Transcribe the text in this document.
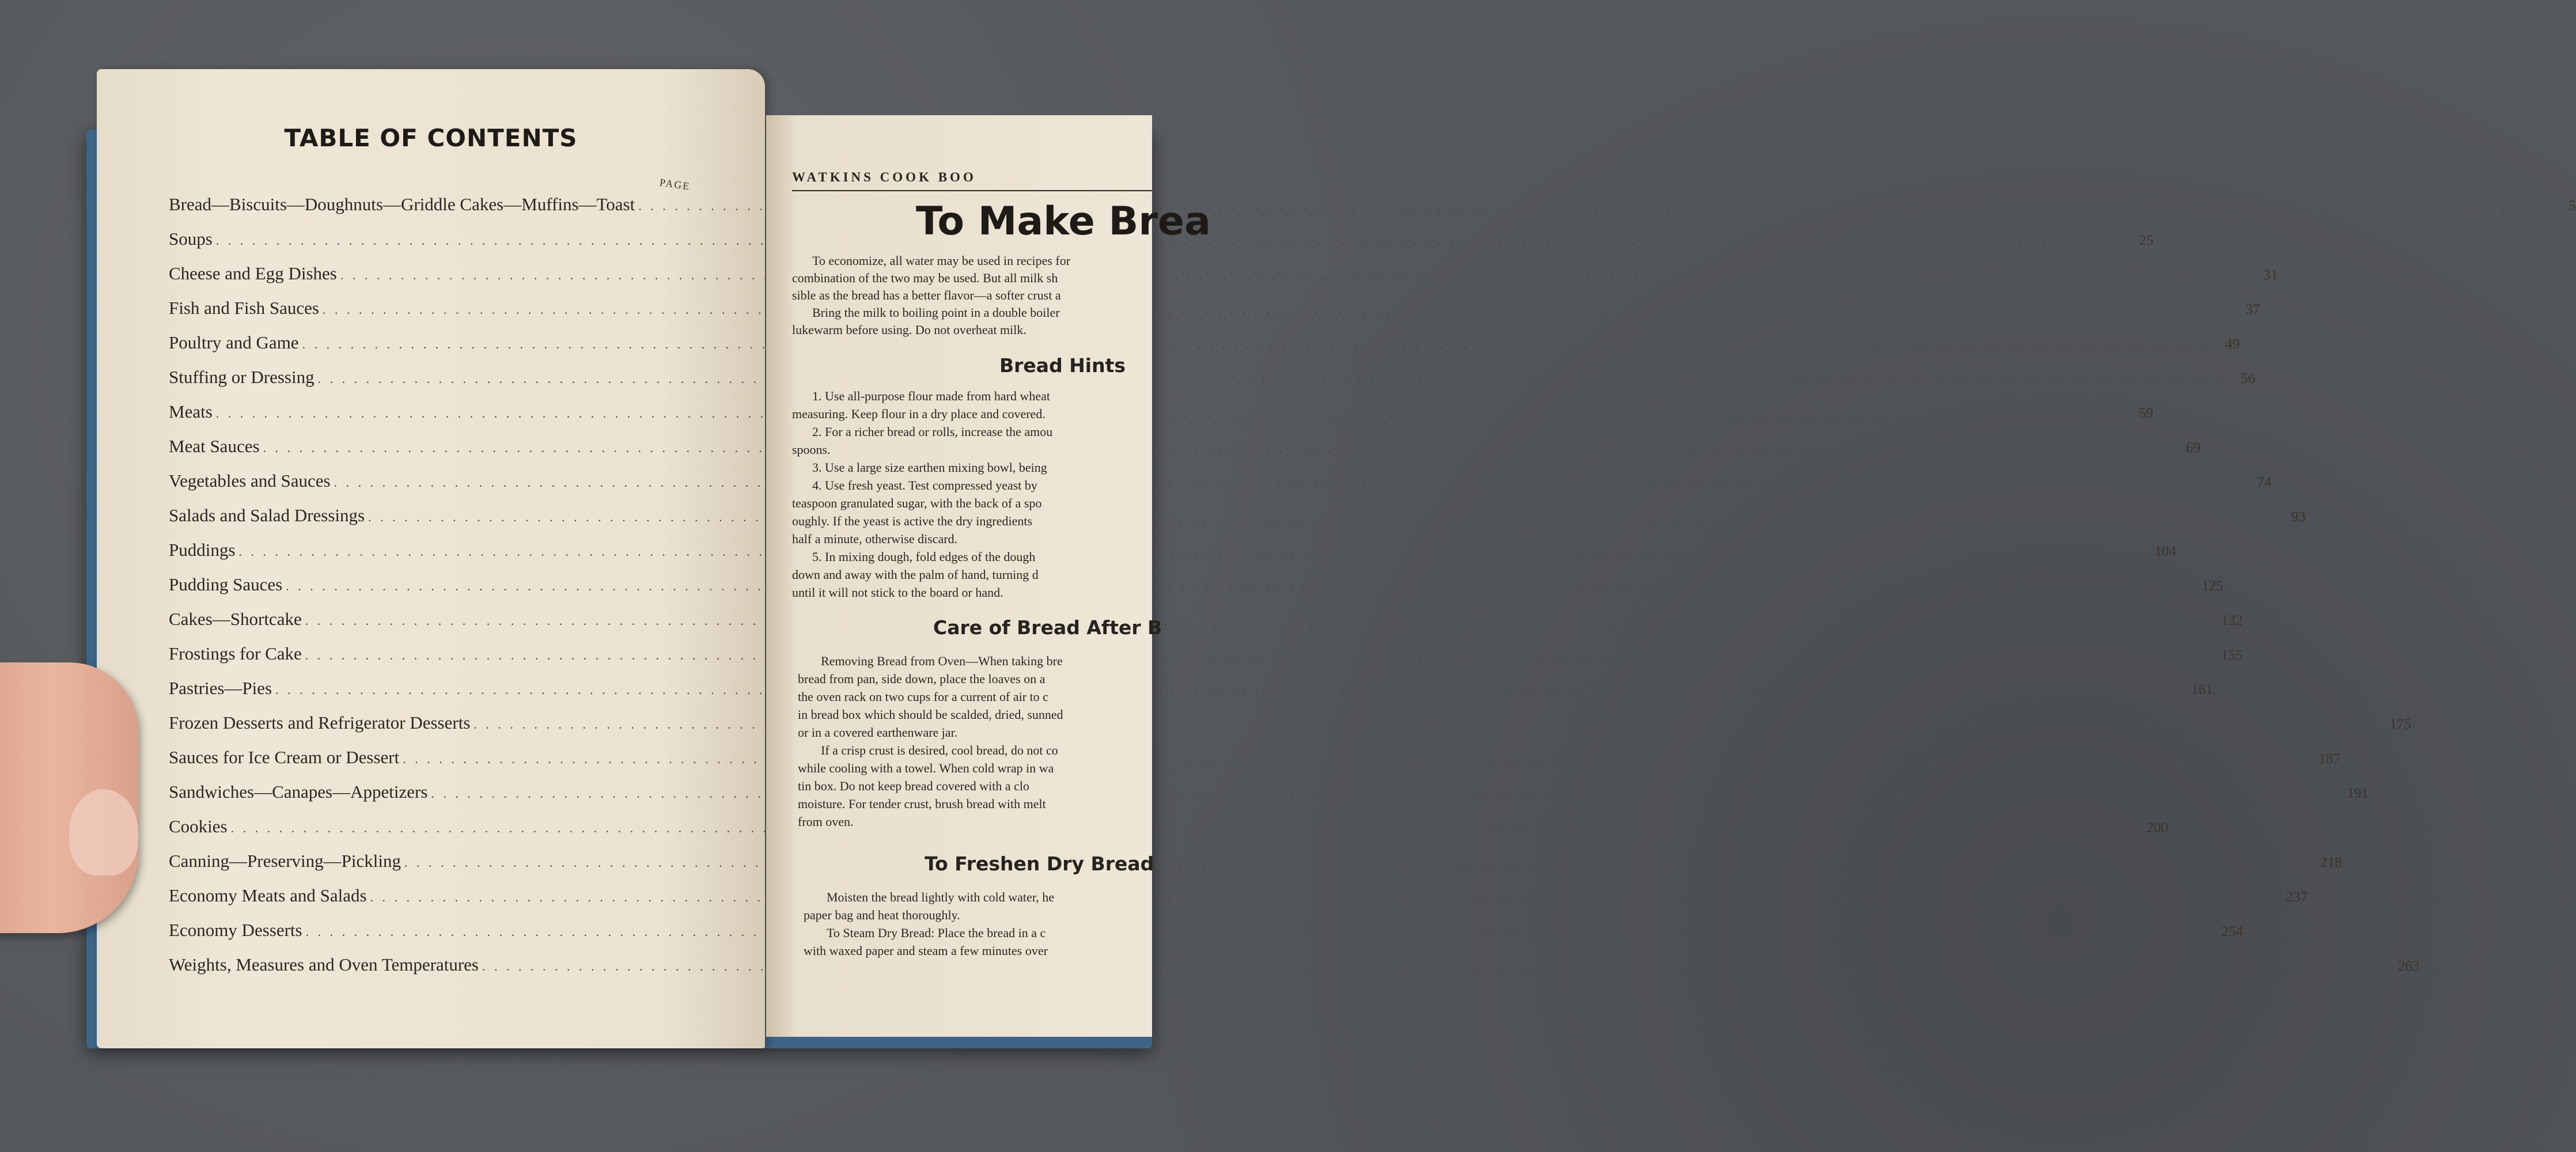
TABLE OF CONTENTS
PAGE
Bread—Biscuits—Doughnuts—Griddle Cakes—Muffins—Toast . . .	5
Soups . . .	25
Cheese and Egg Dishes . . .	31
Fish and Fish Sauces . . .	37
Poultry and Game . . .	49
Stuffing or Dressing . . .	56
Meats . . .	59
Meat Sauces . . .	69
Vegetables and Sauces . . .	74
Salads and Salad Dressings . . .	93
Puddings . . .	104
Pudding Sauces . . .	125
Cakes—Shortcake . . .	132
Frostings for Cake . . .	155
Pastries—Pies . . .	161
Frozen Desserts and Refrigerator Desserts . . .	175
Sauces for Ice Cream or Dessert . . .	187
Sandwiches—Canapes—Appetizers . . .	191
Cookies . . .	200
Canning—Preserving—Pickling . . .	218
Economy Meats and Salads . . .	237
Economy Desserts . . .	254
Weights, Measures and Oven Temperatures . . .	263
WATKINS COOK BOO
To Make Brea
To economize, all water may be used in recipes for
combination of the two may be used. But all milk sh
sible as the bread has a better flavor—a softer crust a
Bring the milk to boiling point in a double boiler
lukewarm before using. Do not overheat milk.
Bread Hints
1. Use all-purpose flour made from hard wheat
measuring. Keep flour in a dry place and covered.
2. For a richer bread or rolls, increase the amou
spoons.
3. Use a large size earthen mixing bowl, being
4. Use fresh yeast. Test compressed yeast by
teaspoon granulated sugar, with the back of a spo
oughly. If the yeast is active the dry ingredients
half a minute, otherwise discard.
5. In mixing dough, fold edges of the dough
down and away with the palm of hand, turning d
until it will not stick to the board or hand.
Care of Bread After B
Removing Bread from Oven—When taking bre
bread from pan, side down, place the loaves on a
the oven rack on two cups for a current of air to c
in bread box which should be scalded, dried, sunned
or in a covered earthenware jar.
If a crisp crust is desired, cool bread, do not co
while cooling with a towel. When cold wrap in wa
tin box. Do not keep bread covered with a clo
moisture. For tender crust, brush bread with melt
from oven.
To Freshen Dry Bread
Moisten the bread lightly with cold water, he
paper bag and heat thoroughly.
To Steam Dry Bread: Place the bread in a c
with waxed paper and steam a few minutes over
